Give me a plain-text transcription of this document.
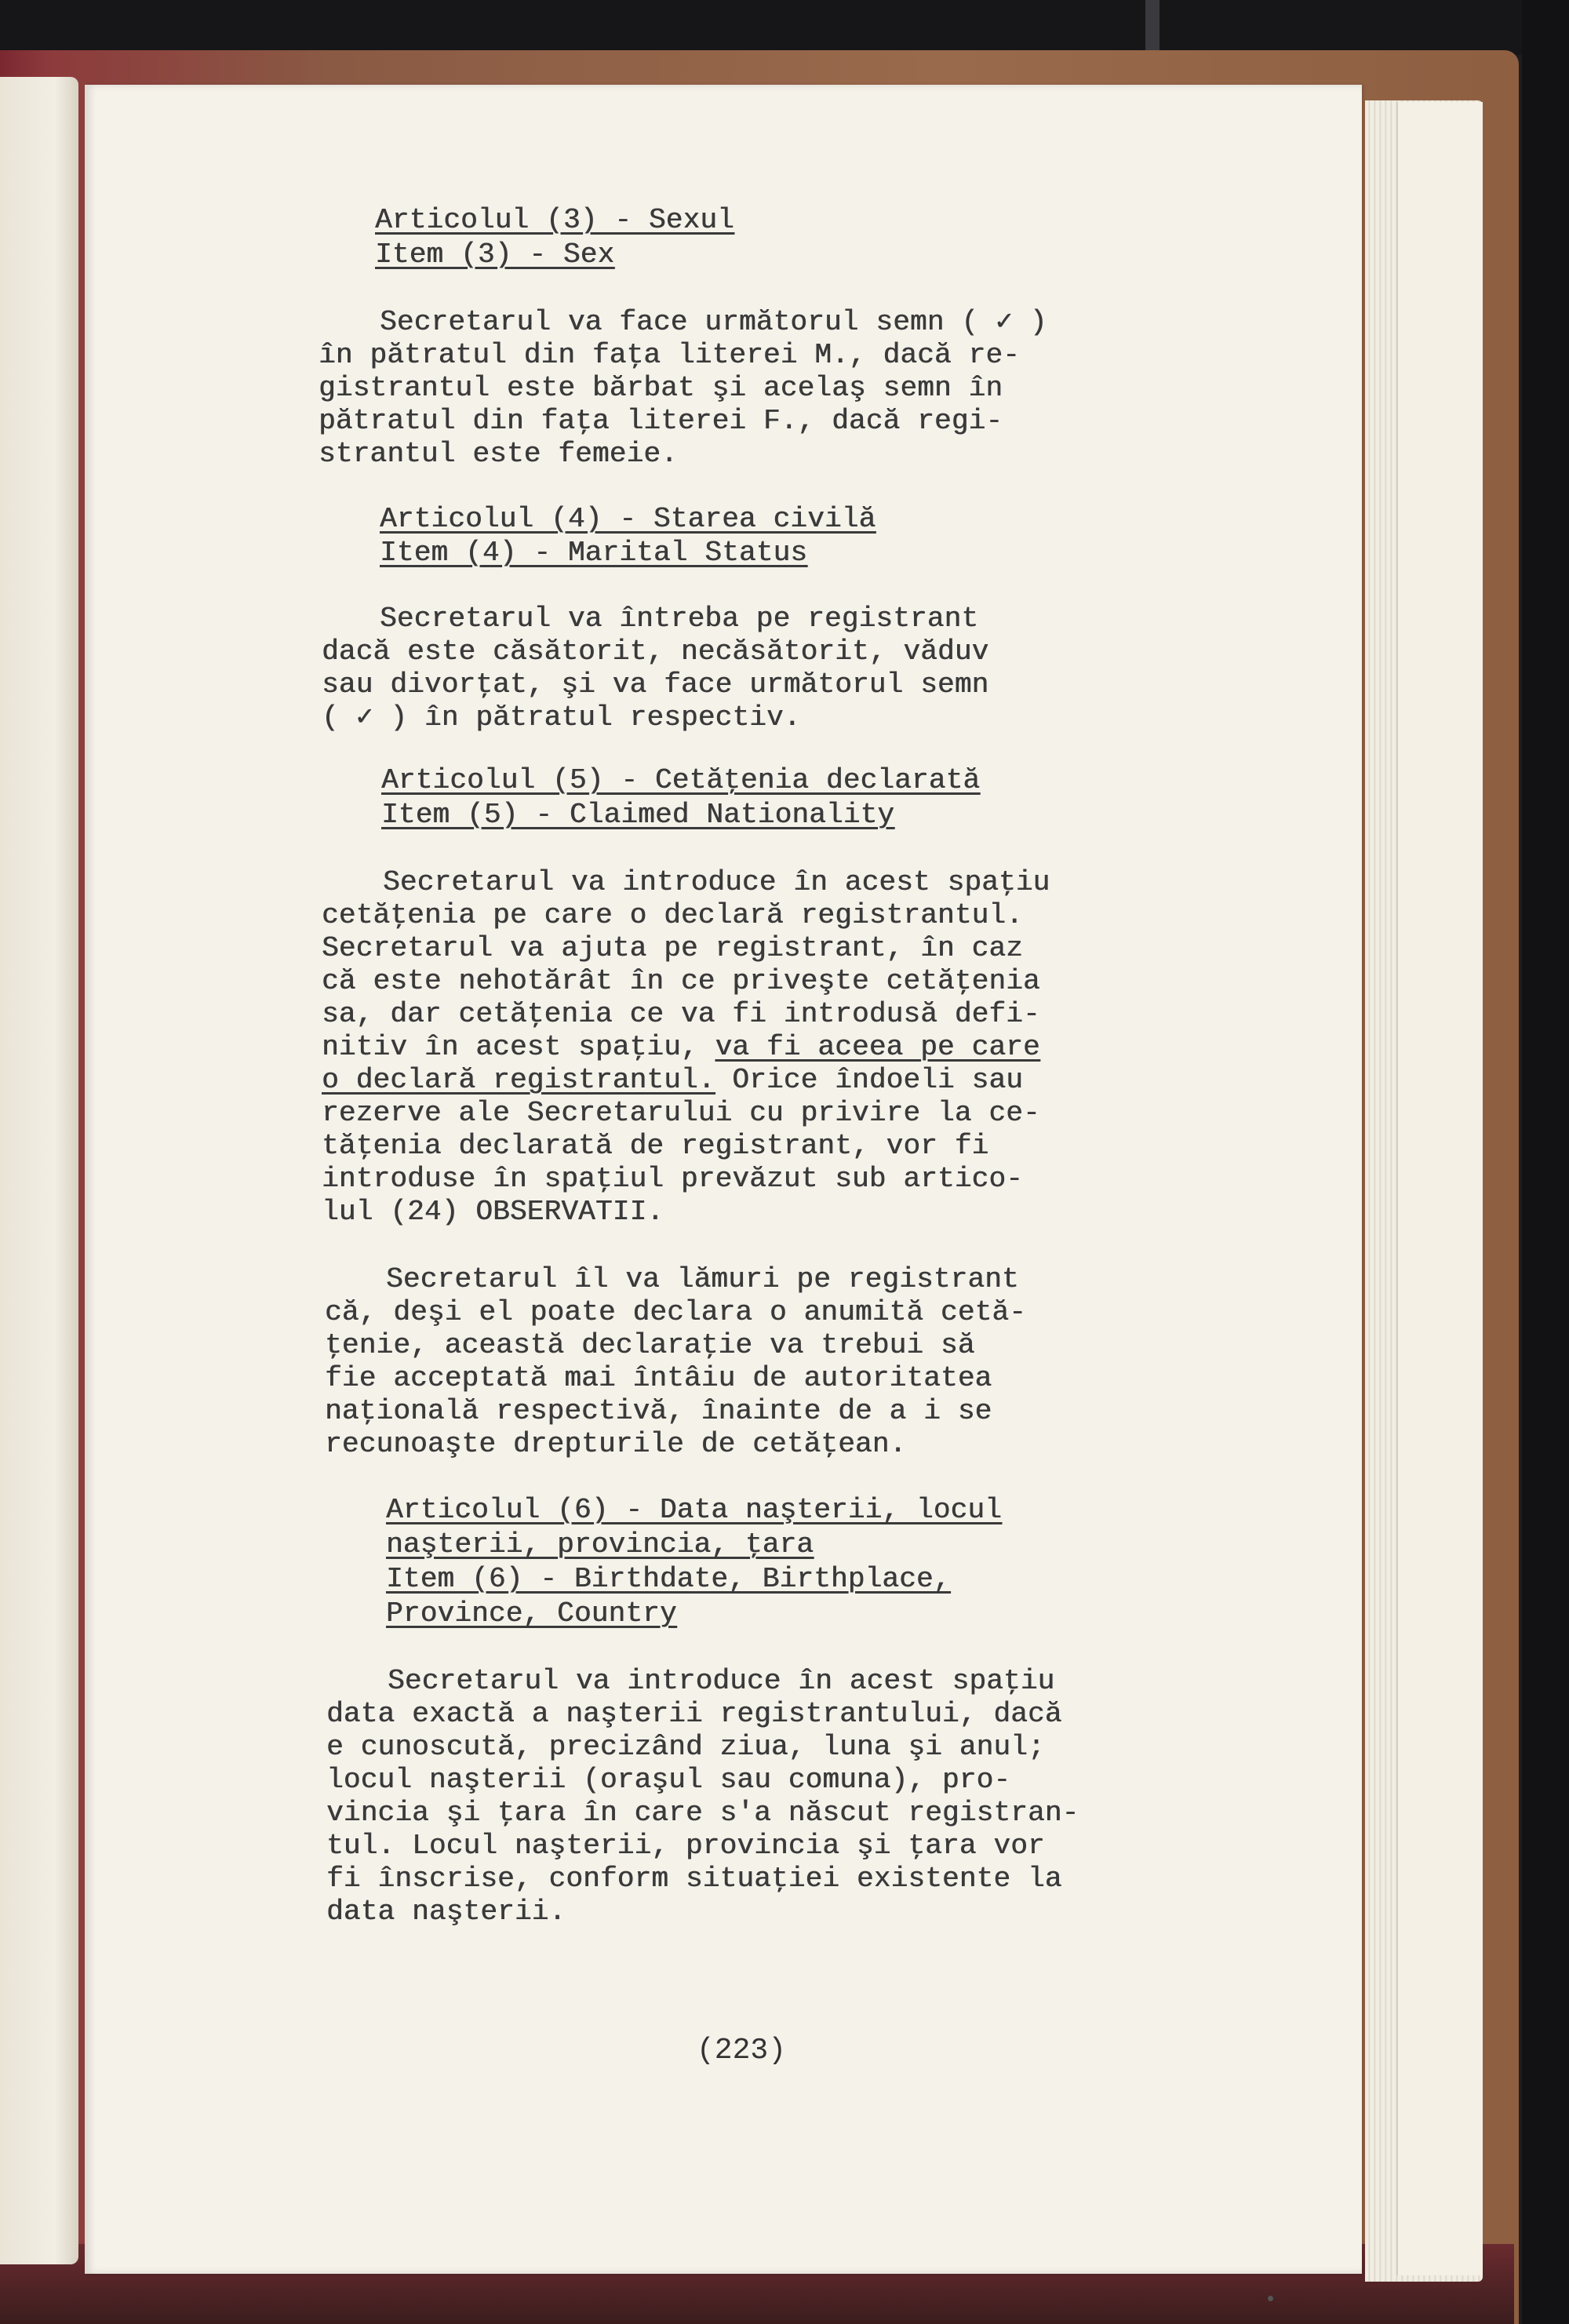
Articolul (3) - Sexul

Item (3) - Sex

Secretarul va face următorul semn ( ✓ )

în pătratul din faţa literei M., dacă re-

gistrantul este bărbat şi acelaş semn în

pătratul din faţa literei F., dacă regi-

strantul este femeie.

Articolul (4) - Starea civilă

Item (4) - Marital Status

Secretarul va întreba pe registrant

dacă este căsătorit, necăsătorit, văduv

sau divorţat, şi va face următorul semn

( ✓ ) în pătratul respectiv.

Articolul (5) - Cetăţenia declarată

Item (5) - Claimed Nationality

Secretarul va introduce în acest spaţiu

cetăţenia pe care o declară registrantul.

Secretarul va ajuta pe registrant, în caz

că este nehotărât în ce priveşte cetăţenia

sa, dar cetăţenia ce va fi introdusă defi-

nitiv în acest spaţiu, va fi aceea pe care

o declară registrantul. Orice îndoeli sau

rezerve ale Secretarului cu privire la ce-

tăţenia declarată de registrant, vor fi

introduse în spaţiul prevăzut sub artico-

lul (24) OBSERVATII.

Secretarul îl va lămuri pe registrant

că, deşi el poate declara o anumită cetă-

ţenie, această declaraţie va trebui să

fie acceptată mai întâiu de autoritatea

naţională respectivă, înainte de a i se

recunoaşte drepturile de cetăţean.

Articolul (6) - Data naşterii, locul

naşterii, provincia, ţara

Item (6) - Birthdate, Birthplace,

Province, Country

Secretarul va introduce în acest spaţiu

data exactă a naşterii registrantului, dacă

e cunoscută, precizând ziua, luna şi anul;

locul naşterii (oraşul sau comuna), pro-

vincia şi ţara în care s'a născut registran-

tul. Locul naşterii, provincia şi ţara vor

fi înscrise, conform situaţiei existente la

data naşterii.

(223)
